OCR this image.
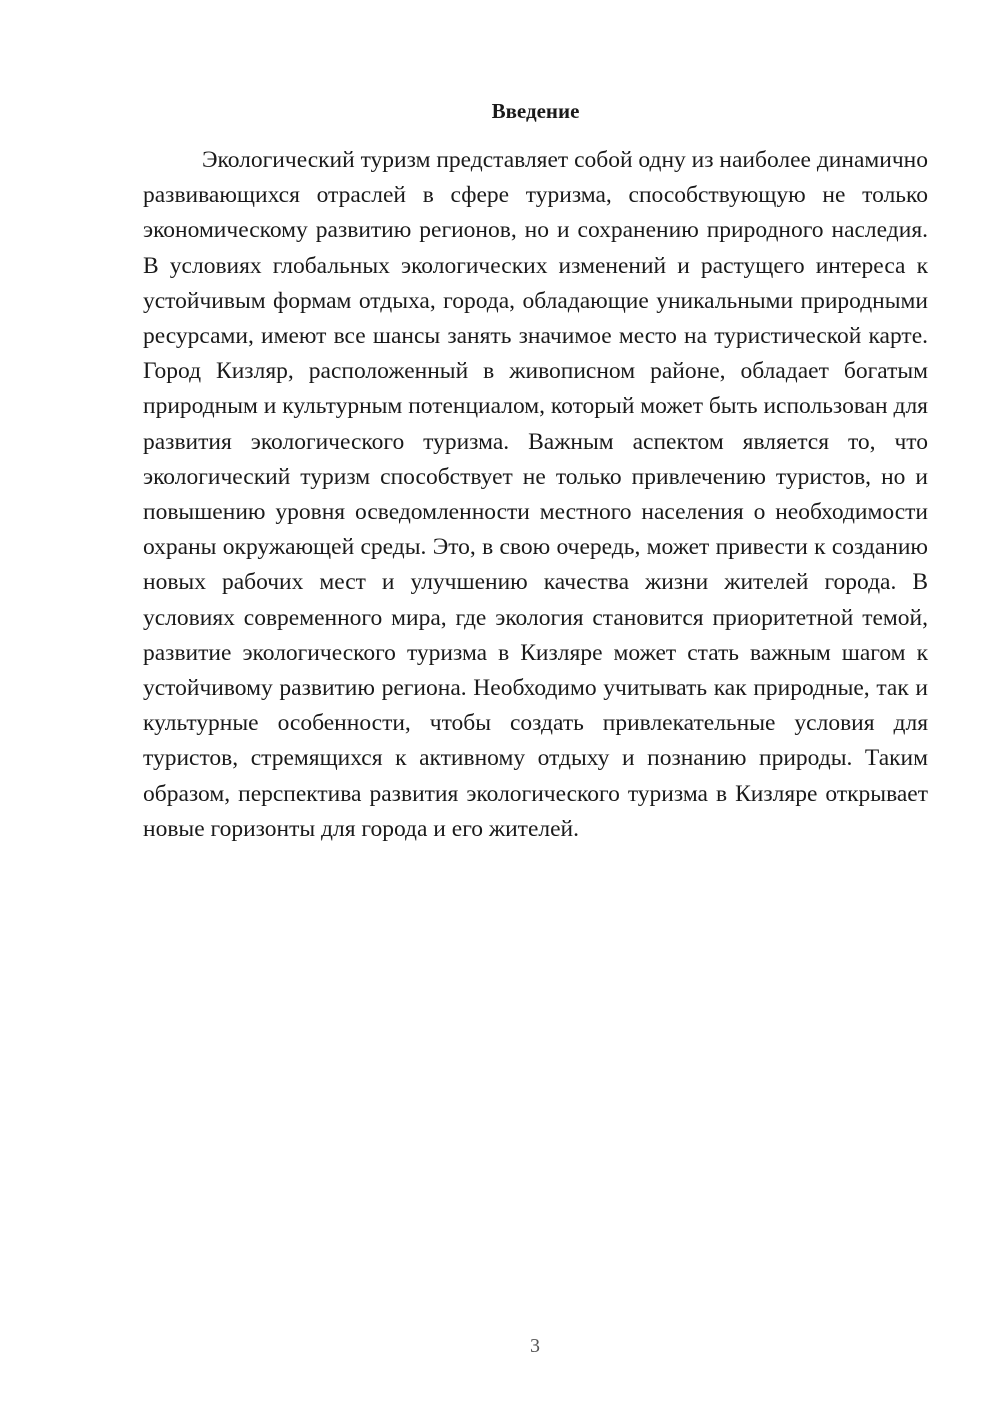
Введение

Экологический туризм представляет собой одну из наиболее динамично развивающихся отраслей в сфере туризма, способствующую не только экономическому развитию регионов, но и сохранению природного наследия. В условиях глобальных экологических изменений и растущего интереса к устойчивым формам отдыха, города, обладающие уникальными природными ресурсами, имеют все шансы занять значимое место на туристической карте. Город Кизляр, расположенный в живописном районе, обладает богатым природным и культурным потенциалом, который может быть использован для развития экологического туризма. Важным аспектом является то, что экологический туризм способствует не только привлечению туристов, но и повышению уровня осведомленности местного населения о необходимости охраны окружающей среды. Это, в свою очередь, может привести к созданию новых рабочих мест и улучшению качества жизни жителей города. В условиях современного мира, где экология становится приоритетной темой, развитие экологического туризма в Кизляре может стать важным шагом к устойчивому развитию региона. Необходимо учитывать как природные, так и культурные особенности, чтобы создать привлекательные условия для туристов, стремящихся к активному отдыху и познанию природы. Таким образом, перспектива развития экологического туризма в Кизляре открывает новые горизонты для города и его жителей.

3
